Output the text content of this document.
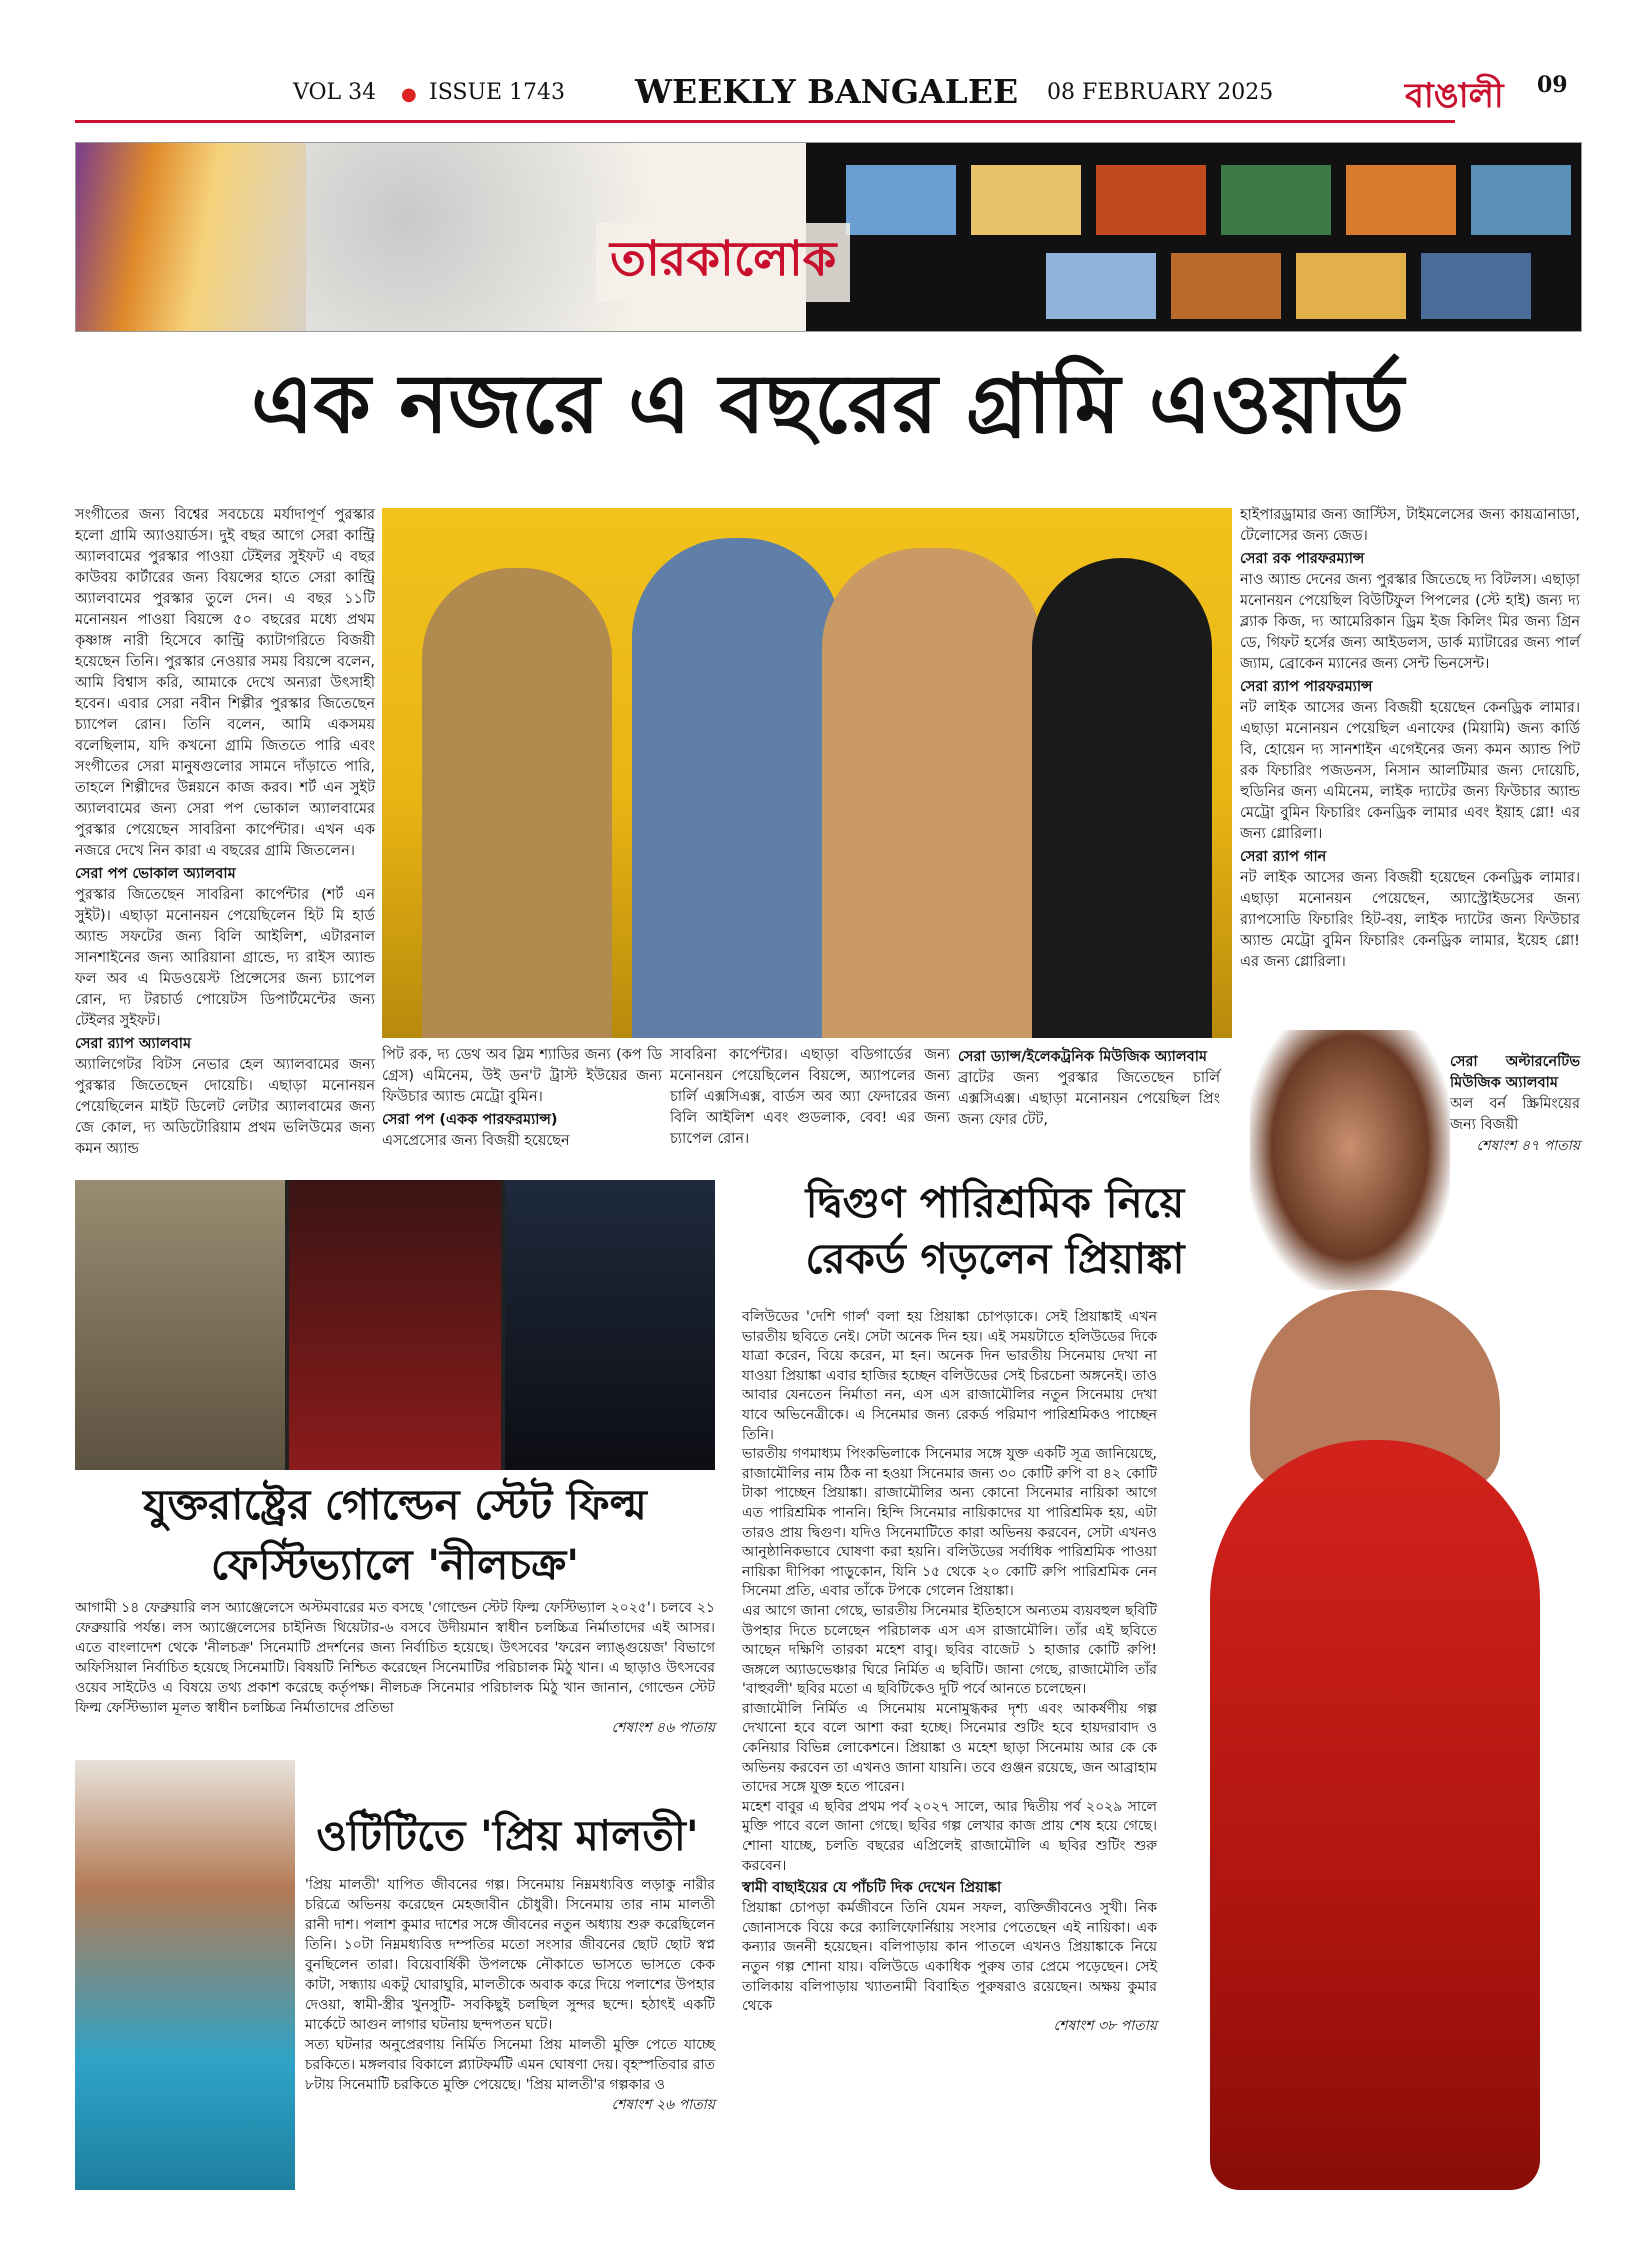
VOL 34 ● ISSUE 1743 WEEKLY BANGALEE 08 FEBRUARY 2025	বাঙালী 09
তারকালোক
এক নজরে এ বছরের গ্রামি এওয়ার্ড

সংগীতের জন্য বিশ্বের সবচেয়ে মর্যাদাপূর্ণ পুরস্কার হলো গ্রামি অ্যাওয়ার্ডস। দুই বছর আগে সেরা কান্ট্রি অ্যালবামের পুরস্কার পাওয়া টেইলর সুইফট এ বছর কাউবয় কার্টারের জন্য বিয়ন্সের হাতে সেরা কান্ট্রি অ্যালবামের পুরস্কার তুলে দেন। এ বছর ১১টি মনোনয়ন পাওয়া বিয়ন্সে ৫০ বছরের মধ্যে প্রথম কৃষ্ণাঙ্গ নারী হিসেবে কান্ট্রি ক্যাটাগরিতে বিজয়ী হয়েছেন তিনি। পুরস্কার নেওয়ার সময় বিয়ন্সে বলেন, আমি বিশ্বাস করি, আমাকে দেখে অন্যরা উৎসাহী হবেন। এবার সেরা নবীন শিল্পীর পুরস্কার জিতেছেন চ্যাপেল রোন। তিনি বলেন, আমি একসময় বলেছিলাম, যদি কখনো গ্রামি জিততে পারি এবং সংগীতের সেরা মানুষগুলোর সামনে দাঁড়াতে পারি, তাহলে শিল্পীদের উন্নয়নে কাজ করব। শর্ট এন সুইট অ্যালবামের জন্য সেরা পপ ভোকাল অ্যালবামের পুরস্কার পেয়েছেন সাবরিনা কার্পেন্টার। এখন এক নজরে দেখে নিন কারা এ বছরের গ্রামি জিতলেন।

সেরা পপ ভোকাল অ্যালবাম

পুরস্কার জিতেছেন সাবরিনা কার্পেন্টার (শর্ট এন সুইট)। এছাড়া মনোনয়ন পেয়েছিলেন হিট মি হার্ড অ্যান্ড সফটের জন্য বিলি আইলিশ, এটারনাল সানশাইনের জন্য আরিয়ানা গ্রান্ডে, দ্য রাইস অ্যান্ড ফল অব এ মিডওয়েস্ট প্রিন্সেসের জন্য চ্যাপেল রোন, দ্য টরচার্ড পোয়েটস ডিপার্টমেন্টের জন্য টেইলর সুইফট।

সেরা র‍্যাপ অ্যালবাম

অ্যালিগেটর বিটস নেভার হেল অ্যালবামের জন্য পুরস্কার জিতেছেন দোয়েচি। এছাড়া মনোনয়ন পেয়েছিলেন মাইট ডিলেট লেটার অ্যালবামের জন্য জে কোল, দ্য অডিটোরিয়াম প্রথম ভলিউমের জন্য কমন অ্যান্ড

পিট রক, দ্য ডেথ অব স্লিম শ্যাডির জন্য (কপ ডি গ্রেস) এমিনেম, উই ডন'ট ট্রাস্ট ইউয়ের জন্য ফিউচার অ্যান্ড মেট্রো বুমিন।

সেরা পপ (একক পারফরম্যান্স)

এসপ্রেসোর জন্য বিজয়ী হয়েছেন

সাবরিনা কার্পেন্টার। এছাড়া বডিগার্ডের জন্য মনোনয়ন পেয়েছিলেন বিয়ন্সে, অ্যাপলের জন্য চার্লি এক্সসিএক্স, বার্ডস অব অ্যা ফেদারের জন্য বিলি আইলিশ এবং গুডলাক, বেব! এর জন্য চ্যাপেল রোন।

সেরা ড্যান্স/ইলেকট্রনিক মিউজিক অ্যালবাম

ব্রাটের জন্য পুরস্কার জিতেছেন চার্লি এক্সসিএক্স। এছাড়া মনোনয়ন পেয়েছিল প্রিং জন্য ফোর টেট,

হাইপারড্রামার জন্য জাস্টিস, টাইমলেসের জন্য কায়ত্রানাডা, টেলোসের জন্য জেড।

সেরা রক পারফরম্যান্স

নাও অ্যান্ড দেনের জন্য পুরস্কার জিতেছে দ্য বিটলস। এছাড়া মনোনয়ন পেয়েছিল বিউটিফুল পিপলের (স্টে হাই) জন্য দ্য ব্ল্যাক কিজ, দ্য আমেরিকান ড্রিম ইজ কিলিং মির জন্য গ্রিন ডে, গিফট হর্সের জন্য আইডলস, ডার্ক ম্যাটারের জন্য পার্ল জ্যাম, ব্রোকেন ম্যানের জন্য সেন্ট ভিনসেন্ট।

সেরা র‍্যাপ পারফরম্যান্স

নট লাইক আসের জন্য বিজয়ী হয়েছেন কেনড্রিক লামার। এছাড়া মনোনয়ন পেয়েছিল এনাফের (মিয়ামি) জন্য কার্ডি বি, হোয়েন দ্য সানশাইন এগেইনের জন্য কমন অ্যান্ড পিট রক ফিচারিং পজডনস, নিসান আলটিমার জন্য দোয়েচি, হুডিনির জন্য এমিনেম, লাইক দ্যাটের জন্য ফিউচার অ্যান্ড মেট্রো বুমিন ফিচারিং কেনড্রিক লামার এবং ইয়াহ গ্লো! এর জন্য গ্লোরিলা।

সেরা র‍্যাপ গান

নট লাইক আসের জন্য বিজয়ী হয়েছেন কেনড্রিক লামার। এছাড়া মনোনয়ন পেয়েছেন, অ্যাস্ট্রোইডসের জন্য র‍্যাপসোডি ফিচারিং হিট-বয়, লাইক দ্যাটের জন্য ফিউচার অ্যান্ড মেট্রো বুমিন ফিচারিং কেনড্রিক লামার, ইয়েহ গ্লো! এর জন্য গ্লোরিলা।

সেরা অল্টারনেটিভ মিউজিক অ্যালবাম

অল বর্ন স্ক্রিমিংয়ের জন্য বিজয়ী

শেষাংশ ৪৭ পাতায়

যুক্তরাষ্ট্রের গোল্ডেন স্টেট ফিল্ম
ফেস্টিভ্যালে 'নীলচক্র'

আগামী ১৪ ফেব্রুয়ারি লস অ্যাঞ্জেলেসে অস্টমবারের মত বসছে 'গোল্ডেন স্টেট ফিল্ম ফেস্টিভ্যাল ২০২৫'। চলবে ২১ ফেব্রুয়ারি পর্যন্ত। লস অ্যাঞ্জেলেসের চাইনিজ থিয়েটার-৬ বসবে উদীয়মান স্বাধীন চলচ্চিত্র নির্মাতাদের এই আসর। এতে বাংলাদেশ থেকে 'নীলচক্র' সিনেমাটি প্রদর্শনের জন্য নির্বাচিত হয়েছে। উৎসবের 'ফরেন ল্যাঙ্গুয়েজ' বিভাগে অফিসিয়াল নির্বাচিত হয়েছে সিনেমাটি। বিষয়টি নিশ্চিত করেছেন সিনেমাটির পরিচালক মিঠু খান। এ ছাড়াও উৎসবের ওয়েব সাইটেও এ বিষয়ে তথ্য প্রকাশ করেছে কর্তৃপক্ষ। নীলচক্র সিনেমার পরিচালক মিঠু খান জানান, গোল্ডেন স্টেট ফিল্ম ফেস্টিভ্যাল মূলত স্বাধীন চলচ্চিত্র নির্মাতাদের প্রতিভা

শেষাংশ ৪৬ পাতায়

ওটিটিতে 'প্রিয় মালতী'

'প্রিয় মালতী' যাপিত জীবনের গল্প। সিনেমায় নিম্নমধ্যবিত্ত লড়াকু নারীর চরিত্রে অভিনয় করেছেন মেহজাবীন চৌধুরী। সিনেমায় তার নাম মালতী রানী দাশ। পলাশ কুমার দাশের সঙ্গে জীবনের নতুন অধ্যায় শুরু করেছিলেন তিনি। ১০টা নিম্নমধ্যবিত্ত দম্পতির মতো সংসার জীবনের ছোট ছোট স্বপ্ন বুনছিলেন তারা। বিয়েবার্ষিকী উপলক্ষে নৌকাতে ভাসতে ভাসতে কেক কাটা, সন্ধ্যায় একটু ঘোরাঘুরি, মালতীকে অবাক করে দিয়ে পলাশের উপহার দেওয়া, স্বামী-স্ত্রীর খুনসুটি- সবকিছুই চলছিল সুন্দর ছন্দে। হঠাৎই একটি মার্কেটে আগুন লাগার ঘটনায় ছন্দপতন ঘটে।

সত্য ঘটনার অনুপ্রেরণায় নির্মিত সিনেমা প্রিয় মালতী মুক্তি পেতে যাচ্ছে চরকিতে। মঙ্গলবার বিকালে প্ল্যাটফর্মটি এমন ঘোষণা দেয়। বৃহস্পতিবার রাত ৮টায় সিনেমাটি চরকিতে মুক্তি পেয়েছে। 'প্রিয় মালতী'র গল্পকার ও

শেষাংশ ২৬ পাতায়

দ্বিগুণ পারিশ্রমিক নিয়ে
রেকর্ড গড়লেন প্রিয়াঙ্কা

বলিউডের 'দেশি গার্ল' বলা হয় প্রিয়াঙ্কা চোপড়াকে। সেই প্রিয়াঙ্কাই এখন ভারতীয় ছবিতে নেই। সেটা অনেক দিন হয়। এই সময়টাতে হলিউডের দিকে যাত্রা করেন, বিয়ে করেন, মা হন। অনেক দিন ভারতীয় সিনেমায় দেখা না যাওয়া প্রিয়াঙ্কা এবার হাজির হচ্ছেন বলিউডের সেই চিরচেনা অঙ্গনেই। তাও আবার যেনতেন নির্মাতা নন, এস এস রাজামৌলির নতুন সিনেমায় দেখা যাবে অভিনেত্রীকে। এ সিনেমার জন্য রেকর্ড পরিমাণ পারিশ্রমিকও পাচ্ছেন তিনি।

ভারতীয় গণমাধ্যম পিংকভিলাকে সিনেমার সঙ্গে যুক্ত একটি সূত্র জানিয়েছে, রাজামৌলির নাম ঠিক না হওয়া সিনেমার জন্য ৩০ কোটি রুপি বা ৪২ কোটি টাকা পাচ্ছেন প্রিয়াঙ্কা। রাজামৌলির অন্য কোনো সিনেমার নায়িকা আগে এত পারিশ্রমিক পাননি। হিন্দি সিনেমার নায়িকাদের যা পারিশ্রমিক হয়, এটা তারও প্রায় দ্বিগুণ। যদিও সিনেমাটিতে কারা অভিনয় করবেন, সেটা এখনও আনুষ্ঠানিকভাবে ঘোষণা করা হয়নি। বলিউডের সর্বাধিক পারিশ্রমিক পাওয়া নায়িকা দীপিকা পাড়ুকোন, যিনি ১৫ থেকে ২০ কোটি রুপি পারিশ্রমিক নেন সিনেমা প্রতি, এবার তাঁকে টপকে গেলেন প্রিয়াঙ্কা।

এর আগে জানা গেছে, ভারতীয় সিনেমার ইতিহাসে অন্যতম ব্যয়বহুল ছবিটি উপহার দিতে চলেছেন পরিচালক এস এস রাজামৌলি। তাঁর এই ছবিতে আছেন দক্ষিণি তারকা মহেশ বাবু। ছবির বাজেট ১ হাজার কোটি রুপি! জঙ্গলে অ্যাডভেঞ্চার ঘিরে নির্মিত এ ছবিটি। জানা গেছে, রাজামৌলি তাঁর 'বাহুবলী' ছবির মতো এ ছবিটিকেও দুটি পর্বে আনতে চলেছেন।

রাজামৌলি নির্মিত এ সিনেমায় মনোমুগ্ধকর দৃশ্য এবং আকর্ষণীয় গল্প দেখানো হবে বলে আশা করা হচ্ছে। সিনেমার শুটিং হবে হায়দরাবাদ ও কেনিয়ার বিভিন্ন লোকেশনে। প্রিয়াঙ্কা ও মহেশ ছাড়া সিনেমায় আর কে কে অভিনয় করবেন তা এখনও জানা যায়নি। তবে গুঞ্জন রয়েছে, জন আব্রাহাম তাদের সঙ্গে যুক্ত হতে পারেন।

মহেশ বাবুর এ ছবির প্রথম পর্ব ২০২৭ সালে, আর দ্বিতীয় পর্ব ২০২৯ সালে মুক্তি পাবে বলে জানা গেছে। ছবির গল্প লেখার কাজ প্রায় শেষ হয়ে গেছে। শোনা যাচ্ছে, চলতি বছরের এপ্রিলেই রাজামৌলি এ ছবির শুটিং শুরু করবেন।

স্বামী বাছাইয়ের যে পাঁচটি দিক দেখেন প্রিয়াঙ্কা

প্রিয়াঙ্কা চোপড়া কর্মজীবনে তিনি যেমন সফল, ব্যক্তিজীবনেও সুখী। নিক জোনাসকে বিয়ে করে ক্যালিফোর্নিয়ায় সংসার পেতেছেন এই নায়িকা। এক কন্যার জননী হয়েছেন। বলিপাড়ায় কান পাতলে এখনও প্রিয়াঙ্কাকে নিয়ে নতুন গল্প শোনা যায়। বলিউডে একাধিক পুরুষ তার প্রেমে পড়েছেন। সেই তালিকায় বলিপাড়ায় খ্যাতনামী বিবাহিত পুরুষরাও রয়েছেন। অক্ষয় কুমার থেকে

শেষাংশ ৩৮ পাতায়
